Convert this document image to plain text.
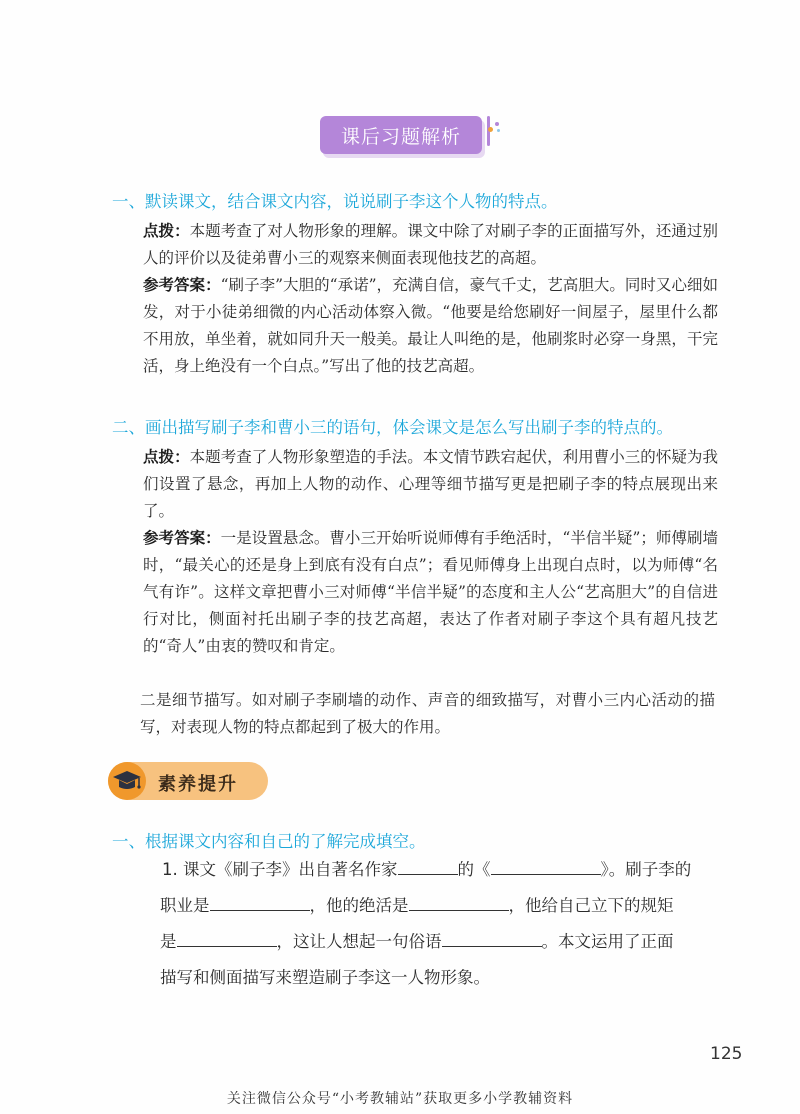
课后习题解析
一、默读课文，结合课文内容，说说刷子李这个人物的特点。
点拨：本题考查了对人物形象的理解。课文中除了对刷子李的正面描写外，还通过别人的评价以及徒弟曹小三的观察来侧面表现他技艺的高超。
参考答案：“刷子李”大胆的“承诺”，充满自信，豪气千丈，艺高胆大。同时又心细如发，对于小徒弟细微的内心活动体察入微。“他要是给您刷好一间屋子，屋里什么都不用放，单坐着，就如同升天一般美。最让人叫绝的是，他刷浆时必穿一身黑，干完活，身上绝没有一个白点。”写出了他的技艺高超。
二、画出描写刷子李和曹小三的语句，体会课文是怎么写出刷子李的特点的。
点拨：本题考查了人物形象塑造的手法。本文情节跌宕起伏，利用曹小三的怀疑为我们设置了悬念，再加上人物的动作、心理等细节描写更是把刷子李的特点展现出来了。
参考答案：一是设置悬念。曹小三开始听说师傅有手绝活时，“半信半疑”；师傅刷墙时，“最关心的还是身上到底有没有白点”；看见师傅身上出现白点时，以为师傅“名气有诈”。这样文章把曹小三对师傅“半信半疑”的态度和主人公“艺高胆大”的自信进行对比，侧面衬托出刷子李的技艺高超，表达了作者对刷子李这个具有超凡技艺的“奇人”由衷的赞叹和肯定。
二是细节描写。如对刷子李刷墙的动作、声音的细致描写，对曹小三内心活动的描写，对表现人物的特点都起到了极大的作用。
素养提升
一、根据课文内容和自己的了解完成填空。
1. 课文《刷子李》出自著名作家	的《	》。刷子李的
职业是	，他的绝活是	，他给自己立下的规矩
是	，这让人想起一句俗语	。本文运用了正面
描写和侧面描写来塑造刷子李这一人物形象。
125
关注微信公众号“小考教辅站”获取更多小学教辅资料
